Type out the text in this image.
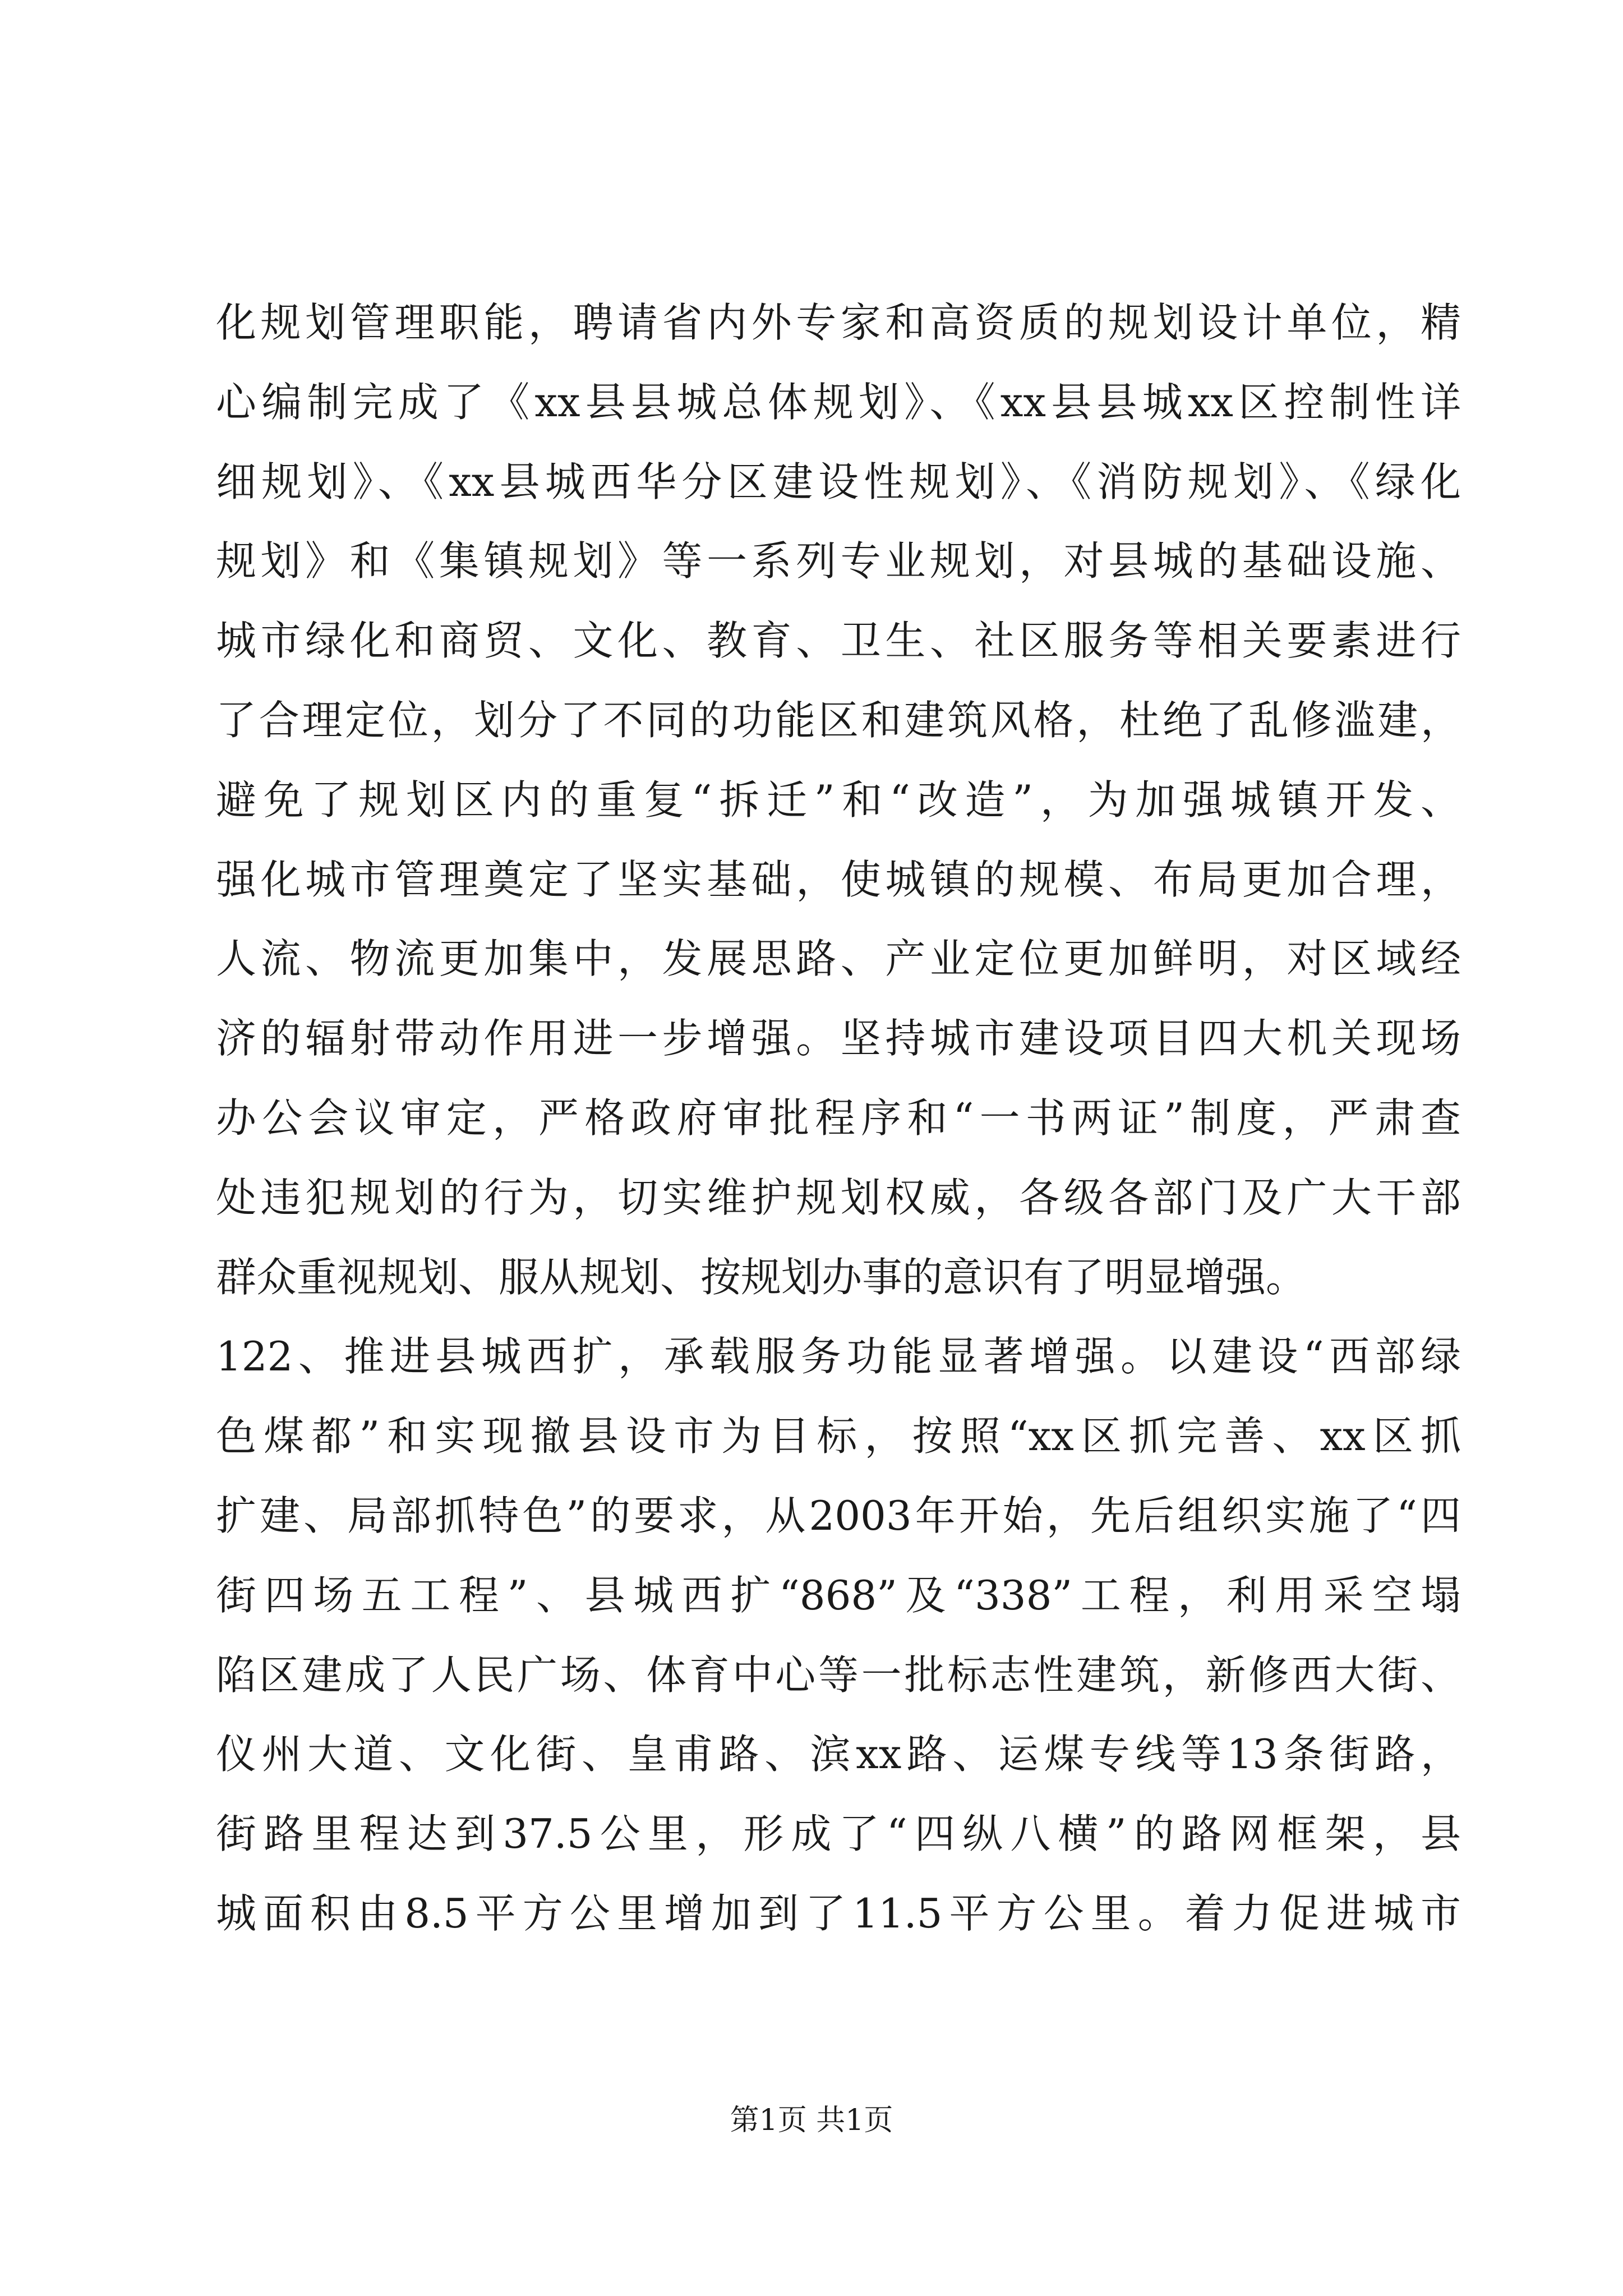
化规划管理职能，聘请省内外专家和高资质的规划设计单位，精
心编制完成了《xx县县城总体规划》、《xx县县城xx区控制性详
细规划》、《xx县城西华分区建设性规划》、《消防规划》、《绿化
规划》和《集镇规划》等一系列专业规划，对县城的基础设施、
城市绿化和商贸、文化、教育、卫生、社区服务等相关要素进行
了合理定位，划分了不同的功能区和建筑风格，杜绝了乱修滥建，
避免了规划区内的重复“拆迁”和“改造”，为加强城镇开发、
强化城市管理奠定了坚实基础，使城镇的规模、布局更加合理，
人流、物流更加集中，发展思路、产业定位更加鲜明，对区域经
济的辐射带动作用进一步增强。坚持城市建设项目四大机关现场
办公会议审定，严格政府审批程序和“一书两证”制度，严肃查
处违犯规划的行为，切实维护规划权威，各级各部门及广大干部
群众重视规划、服从规划、按规划办事的意识有了明显增强。
122、推进县城西扩，承载服务功能显著增强。以建设“西部绿
色煤都”和实现撤县设市为目标，按照“xx区抓完善、xx区抓
扩建、局部抓特色”的要求，从2003年开始，先后组织实施了“四
街四场五工程”、县城西扩“868”及“338”工程，利用采空塌
陷区建成了人民广场、体育中心等一批标志性建筑，新修西大街、
仪州大道、文化街、皇甫路、滨xx路、运煤专线等13条街路，
街路里程达到37.5公里，形成了“四纵八横”的路网框架，县
城面积由8.5平方公里增加到了11.5平方公里。着力促进城市
第1页 共1页
